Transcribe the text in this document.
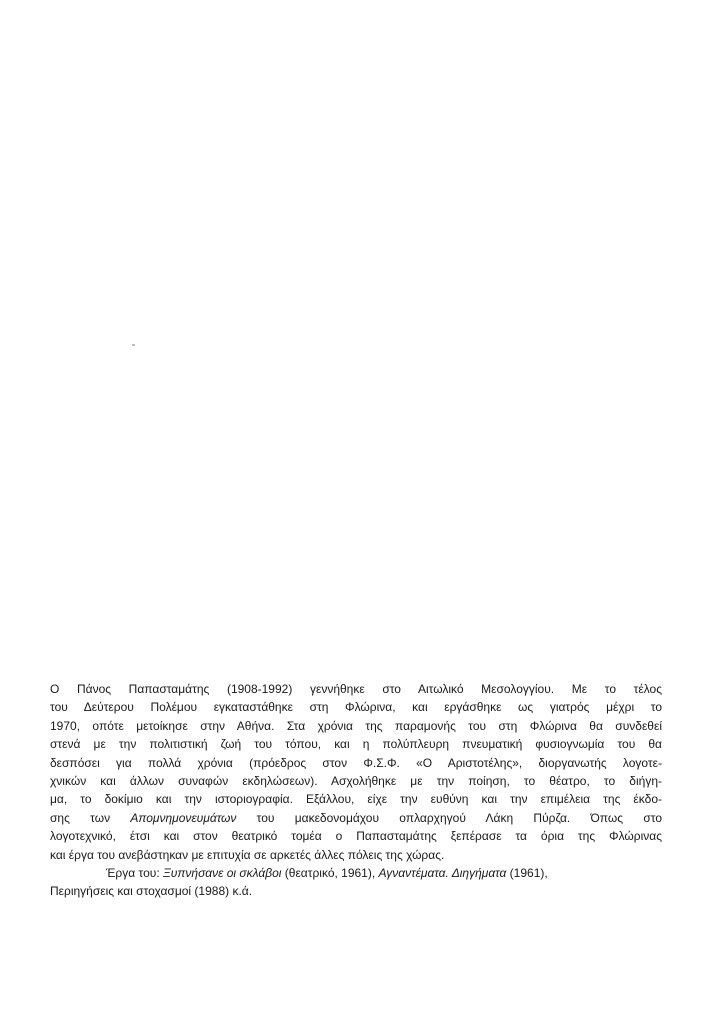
Ο Πάνος Παπασταμάτης (1908-1992) γεννήθηκε στο Αιτωλικό Μεσολογγίου. Με το τέλος
του Δεύτερου Πολέμου εγκαταστάθηκε στη Φλώρινα, και εργάσθηκε ως γιατρός μέχρι το
1970, οπότε μετοίκησε στην Αθήνα. Στα χρόνια της παραμονής του στη Φλώρινα θα συνδεθεί
στενά με την πολιτιστική ζωή του τόπου, και η πολύπλευρη πνευματική φυσιογνωμία του θα
δεσπόσει για πολλά χρόνια (πρόεδρος στον Φ.Σ.Φ. «Ο Αριστοτέλης», διοργανωτής λογοτε-
χνικών και άλλων συναφών εκδηλώσεων). Ασχολήθηκε με την ποίηση, το θέατρο, το διήγη-
μα, το δοκίμιο και την ιστοριογραφία. Εξάλλου, είχε την ευθύνη και την επιμέλεια της έκδο-
σης των Απομνημονευμάτων του μακεδονομάχου οπλαρχηγού Λάκη Πύρζα. Όπως στο
λογοτεχνικό, έτσι και στον θεατρικό τομέα ο Παπασταμάτης ξεπέρασε τα όρια της Φλώρινας
και έργα του ανεβάστηκαν με επιτυχία σε αρκετές άλλες πόλεις της χώρας.
Έργα του: Ξυπνήσανε οι σκλάβοι (θεατρικό, 1961), Αγναντέματα. Διηγήματα (1961),
Περιηγήσεις και στοχασμοί (1988) κ.ά.
